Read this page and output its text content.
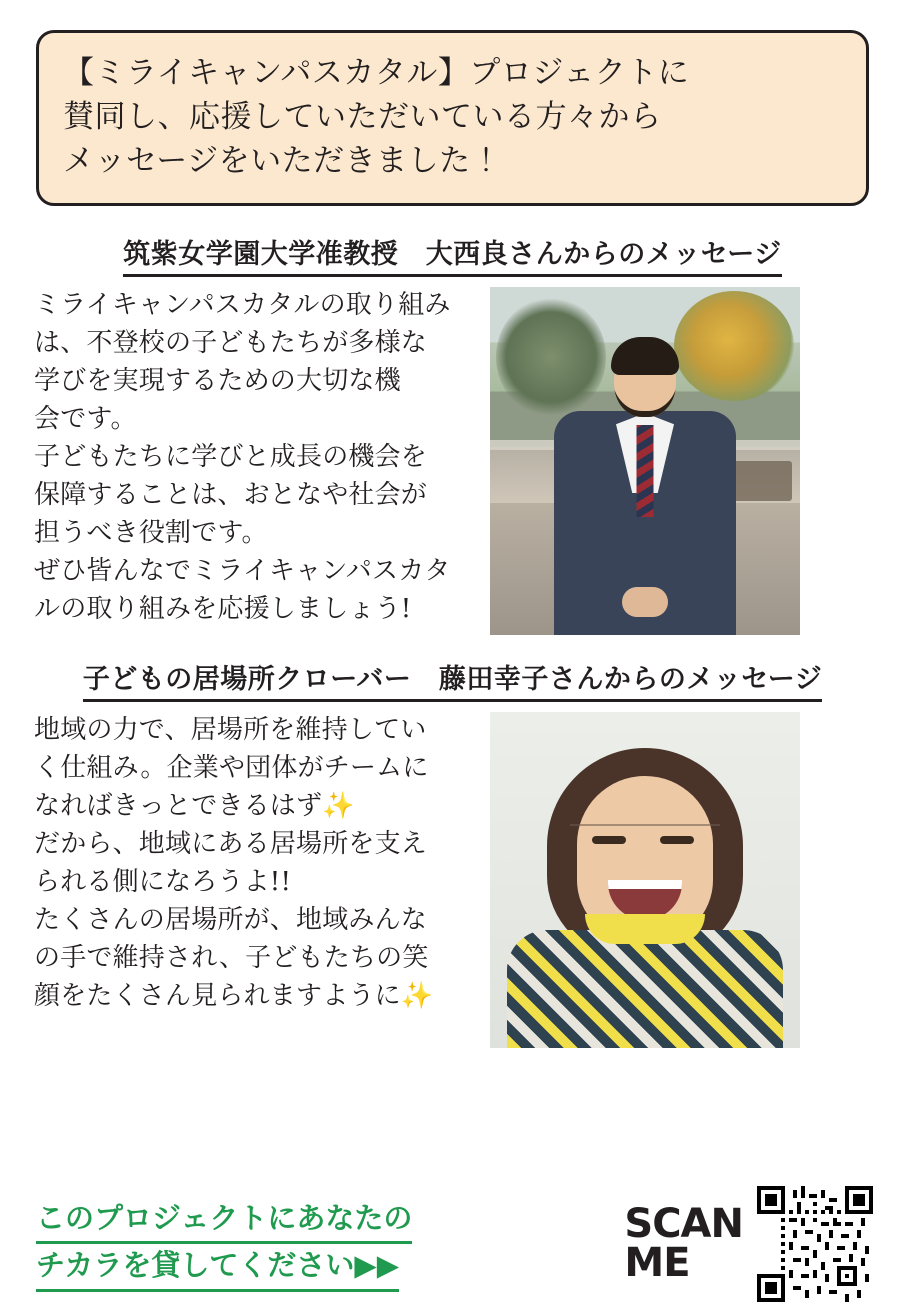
【ミライキャンパスカタル】プロジェクトに
賛同し、応援していただいている方々から
メッセージをいただきました！
筑紫女学園大学准教授　大西良さんからのメッセージ
ミライキャンパスカタルの取り組み
は、不登校の子どもたちが多様な
学びを実現するための大切な機
会です。
子どもたちに学びと成長の機会を
保障することは、おとなや社会が
担うべき役割です。
ぜひ皆んなでミライキャンパスカタ
ルの取り組みを応援しましょう!
子どもの居場所クローバー　藤田幸子さんからのメッセージ
地域の力で、居場所を維持してい
く仕組み。企業や団体がチームに
なればきっとできるはず✨
だから、地域にある居場所を支え
られる側になろうよ!!
たくさんの居場所が、地域みんな
の手で維持され、子どもたちの笑
顔をたくさん見られますように✨
このプロジェクトにあなたの
チカラを貸してください▶▶
SCAN
ME
